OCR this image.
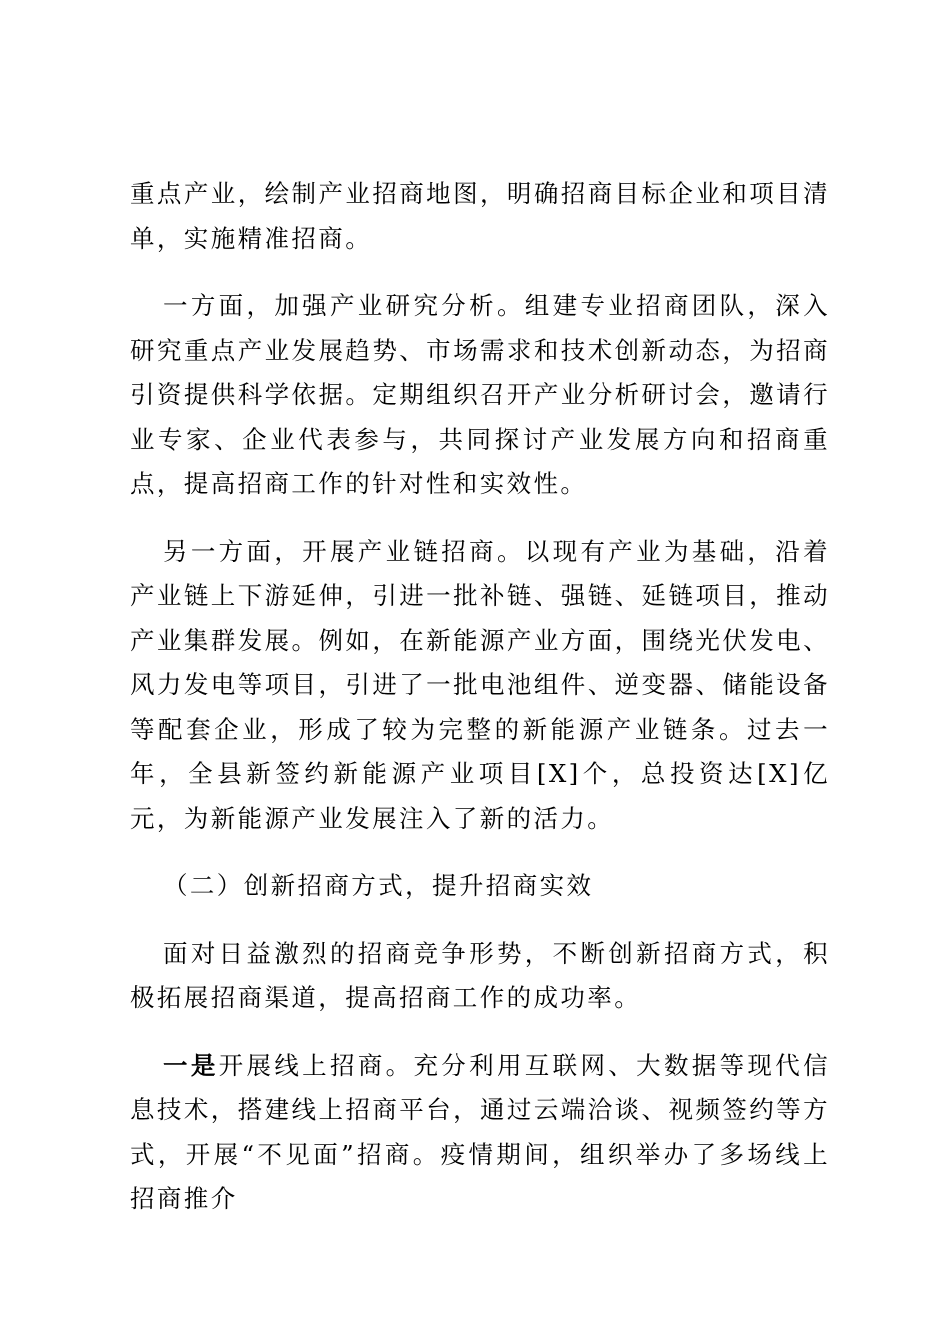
重点产业，绘制产业招商地图，明确招商目标企业和项目清单，实施精准招商。

一方面，加强产业研究分析。组建专业招商团队，深入研究重点产业发展趋势、市场需求和技术创新动态，为招商引资提供科学依据。定期组织召开产业分析研讨会，邀请行业专家、企业代表参与，共同探讨产业发展方向和招商重点，提高招商工作的针对性和实效性。

另一方面，开展产业链招商。以现有产业为基础，沿着产业链上下游延伸，引进一批补链、强链、延链项目，推动产业集群发展。例如，在新能源产业方面，围绕光伏发电、风力发电等项目，引进了一批电池组件、逆变器、储能设备等配套企业，形成了较为完整的新能源产业链条。过去一年，全县新签约新能源产业项目[X]个，总投资达[X]亿元，为新能源产业发展注入了新的活力。

（二）创新招商方式，提升招商实效

面对日益激烈的招商竞争形势，不断创新招商方式，积极拓展招商渠道，提高招商工作的成功率。

一是开展线上招商。充分利用互联网、大数据等现代信息技术，搭建线上招商平台，通过云端洽谈、视频签约等方式，开展“不见面”招商。疫情期间，组织举办了多场线上招商推介
